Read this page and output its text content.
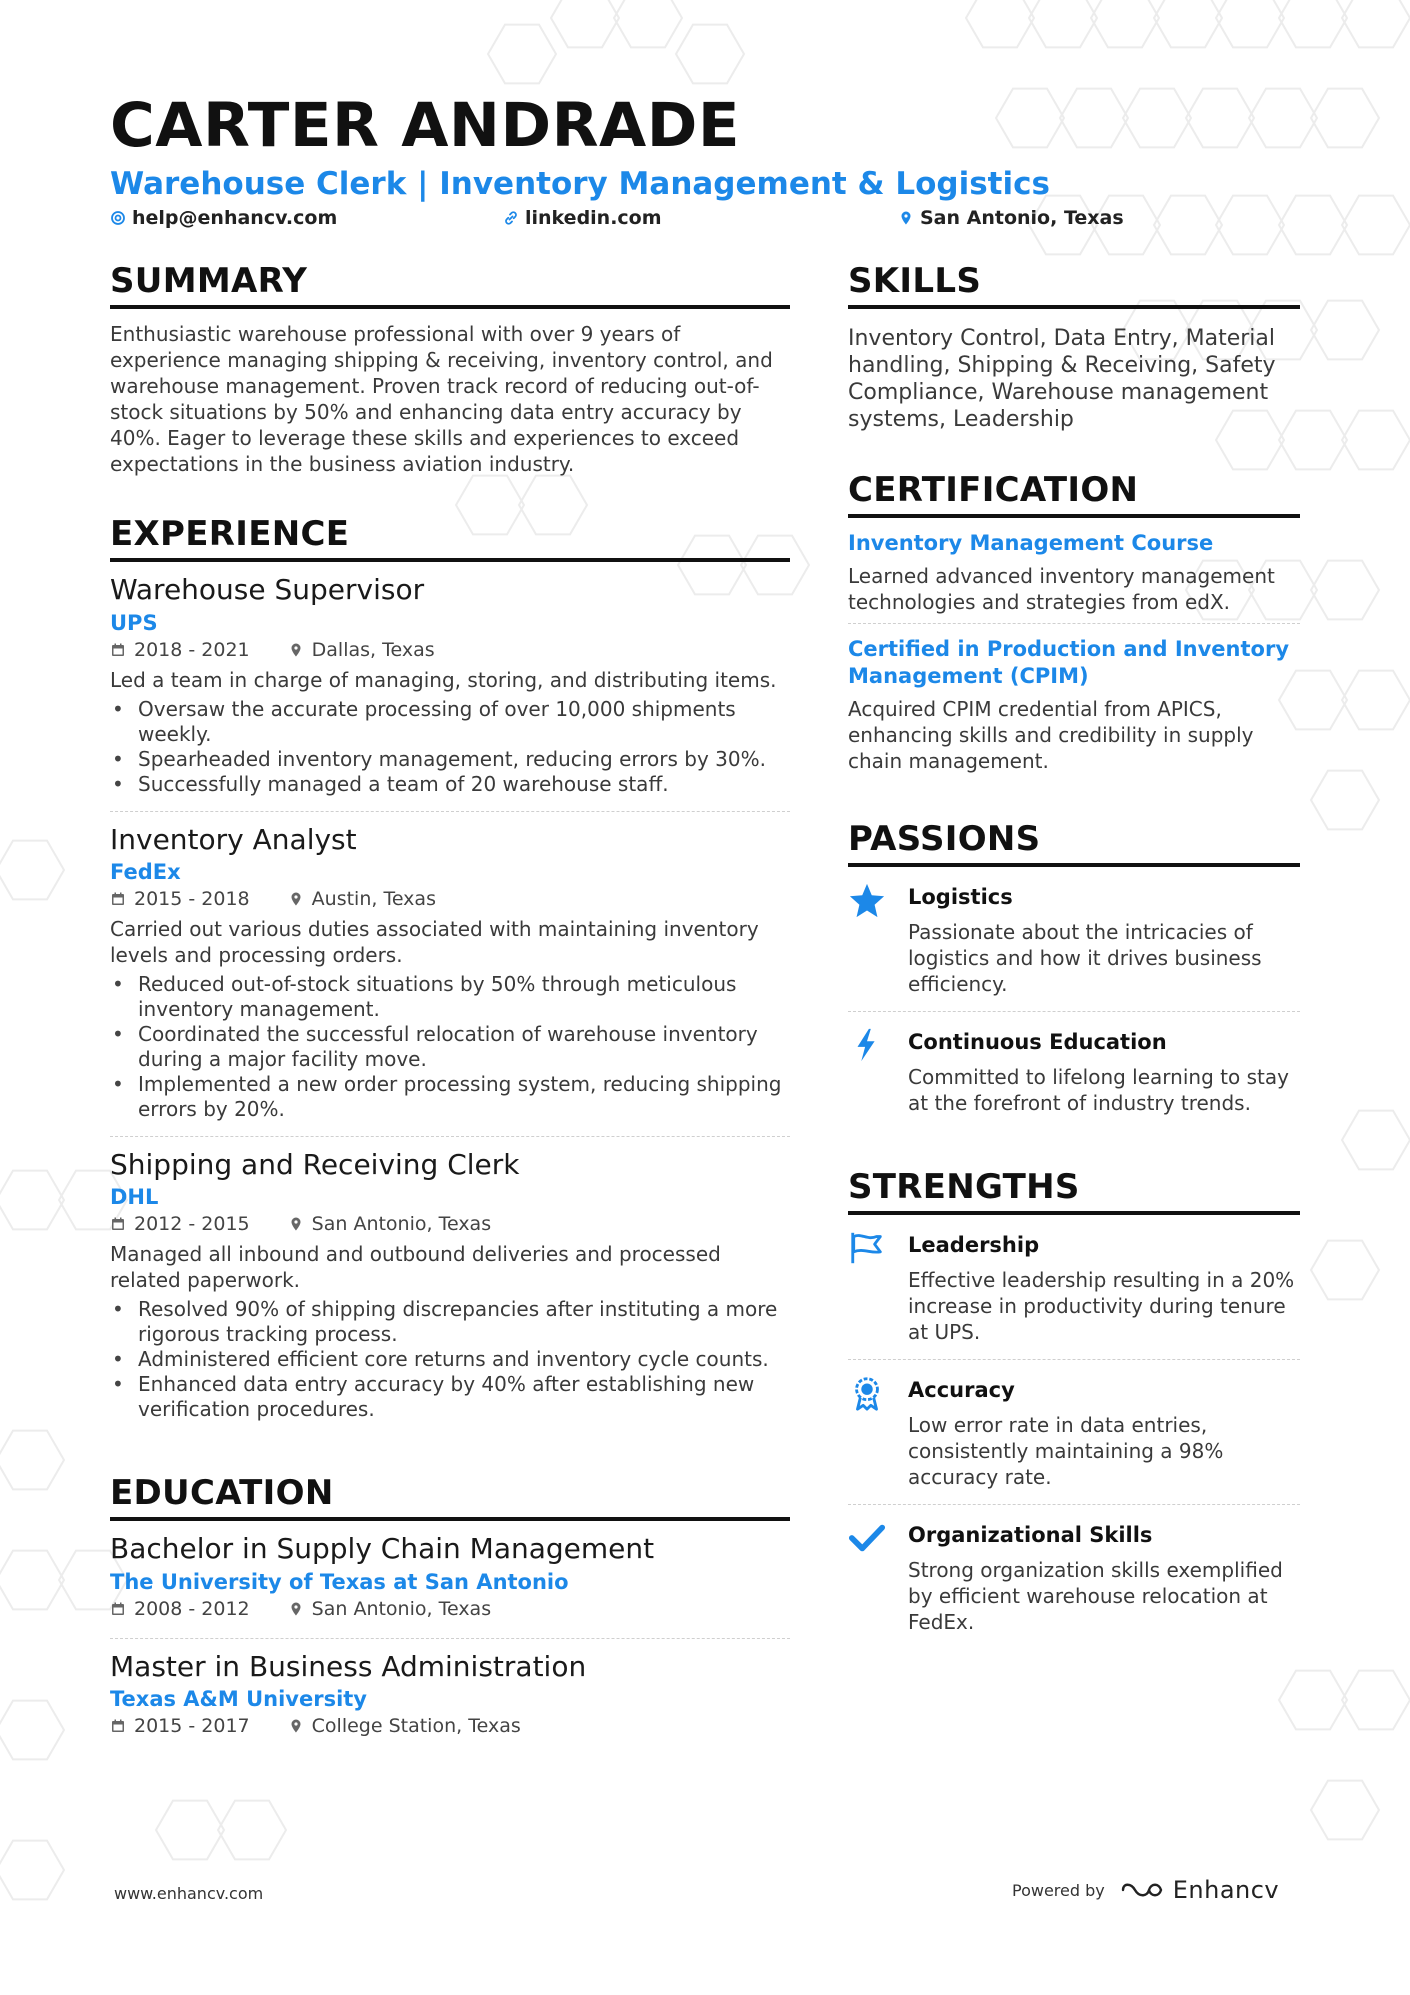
CARTER ANDRADE
Warehouse Clerk | Inventory Management & Logistics
help@enhancv.com	linkedin.com	San Antonio, Texas
SUMMARY

Enthusiastic warehouse professional with over 9 years of experience managing shipping & receiving, inventory control, and warehouse management. Proven track record of reducing out-of-stock situations by 50% and enhancing data entry accuracy by 40%. Eager to leverage these skills and experiences to exceed expectations in the business aviation industry.

EXPERIENCE
Warehouse Supervisor
UPS
2018 - 2021	Dallas, Texas

Led a team in charge of managing, storing, and distributing items.

• Oversaw the accurate processing of over 10,000 shipments weekly.
• Spearheaded inventory management, reducing errors by 30%.
• Successfully managed a team of 20 warehouse staff.
Inventory Analyst
FedEx
2015 - 2018	Austin, Texas

Carried out various duties associated with maintaining inventory levels and processing orders.

• Reduced out-of-stock situations by 50% through meticulous inventory management.
• Coordinated the successful relocation of warehouse inventory during a major facility move.
• Implemented a new order processing system, reducing shipping errors by 20%.
Shipping and Receiving Clerk
DHL
2012 - 2015	San Antonio, Texas

Managed all inbound and outbound deliveries and processed related paperwork.

• Resolved 90% of shipping discrepancies after instituting a more rigorous tracking process.
• Administered efficient core returns and inventory cycle counts.
• Enhanced data entry accuracy by 40% after establishing new verification procedures.
EDUCATION
Bachelor in Supply Chain Management
The University of Texas at San Antonio
2008 - 2012	San Antonio, Texas
Master in Business Administration
Texas A&M University
2015 - 2017	College Station, Texas
SKILLS

Inventory Control, Data Entry, Material handling, Shipping & Receiving, Safety Compliance, Warehouse management systems, Leadership

CERTIFICATION
Inventory Management Course

Learned advanced inventory management technologies and strategies from edX.

Certified in Production and Inventory Management (CPIM)

Acquired CPIM credential from APICS, enhancing skills and credibility in supply chain management.

PASSIONS
Logistics

Passionate about the intricacies of logistics and how it drives business efficiency.

Continuous Education

Committed to lifelong learning to stay at the forefront of industry trends.

STRENGTHS
Leadership

Effective leadership resulting in a 20% increase in productivity during tenure at UPS.

Accuracy

Low error rate in data entries, consistently maintaining a 98% accuracy rate.

Organizational Skills

Strong organization skills exemplified by efficient warehouse relocation at FedEx.

www.enhancv.com	Powered by	Enhancv
